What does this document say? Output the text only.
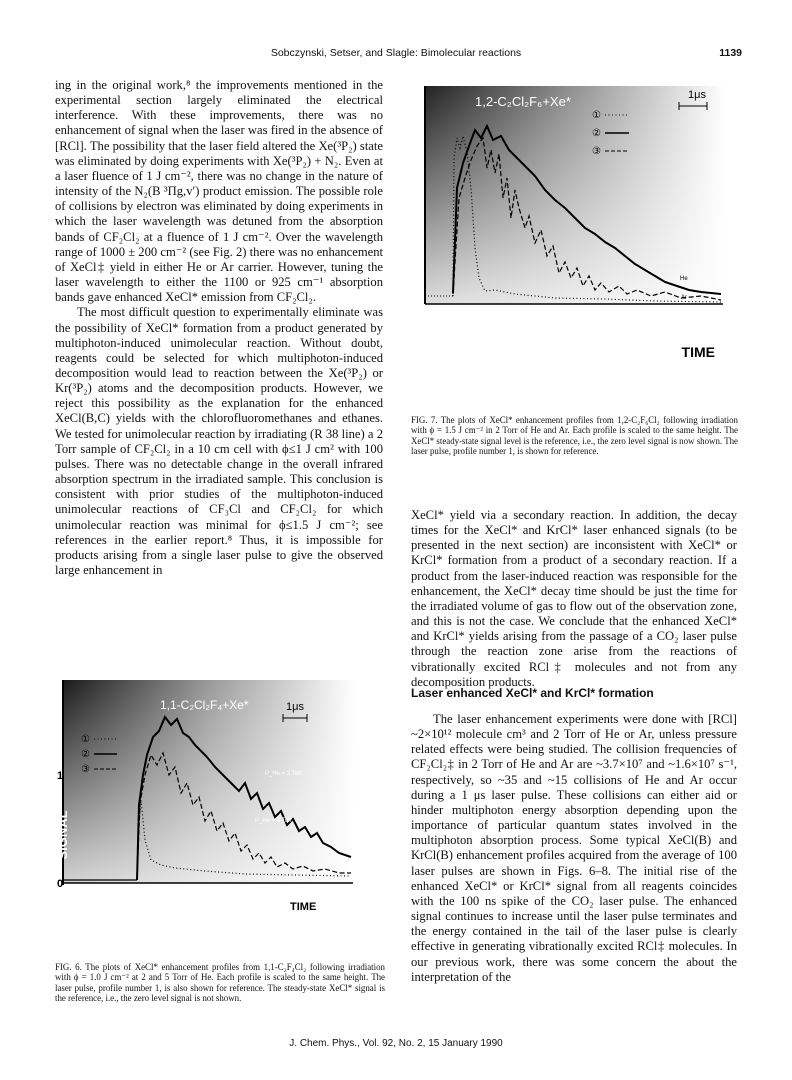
Sobczynski, Setser, and Slagle: Bimolecular reactions	1139

ing in the original work,⁸ the improvements mentioned in the experimental section largely eliminated the electrical interference. With these improvements, there was no enhancement of signal when the laser was fired in the absence of [RCl]. The possibility that the laser field altered the Xe(³P₂) state was eliminated by doing experiments with Xe(³P₂) + N₂. Even at a laser fluence of 1 J cm⁻², there was no change in the nature of intensity of the N₂(B ³Πg,v′) product emission. The possible role of collisions by electron was eliminated by doing experiments in which the laser wavelength was detuned from the absorption bands of CF₂Cl₂ at a fluence of 1 J cm⁻². Over the wavelength range of 1000 ± 200 cm⁻² (see Fig. 2) there was no enhancement of XeCl‡ yield in either He or Ar carrier. However, tuning the laser wavelength to either the 1100 or 925 cm⁻¹ absorption bands gave enhanced XeCl* emission from CF₂Cl₂.

The most difficult question to experimentally eliminate was the possibility of XeCl* formation from a product generated by multiphoton-induced unimolecular reaction. Without doubt, reagents could be selected for which multiphoton-induced decomposition would lead to reaction between the Xe(³P₂) or Kr(³P₂) atoms and the decomposition products. However, we reject this possibility as the explanation for the enhanced XeCl(B,C) yields with the chlorofluoromethanes and ethanes. We tested for unimolecular reaction by irradiating (R 38 line) a 2 Torr sample of CF₂Cl₂ in a 10 cm cell with ϕ≤1 J cm² with 100 pulses. There was no detectable change in the overall infrared absorption spectrum in the irradiated sample. This conclusion is consistent with prior studies of the multiphoton-induced unimolecular reactions of CF₃Cl and CF₂Cl₂ for which unimolecular reaction was minimal for ϕ≤1.5 J cm⁻²; see references in the earlier report.⁸ Thus, it is impossible for products arising from a single laser pulse to give the observed large enhancement in

SIGNAL
1,2-C₂Cl₂F₆+Xe*	1μs
①
②
③
He
Ar
TIME
FIG. 7. The plots of XeCl* enhancement profiles from 1,2-C₂F₆Cl₂ following irradiation with ϕ = 1.5 J cm⁻² in 2 Torr of He and Ar. Each profile is scaled to the same height. The XeCl* steady-state signal level is the reference, i.e., the zero level signal is now shown. The laser pulse, profile number 1, is shown for reference.

XeCl* yield via a secondary reaction. In addition, the decay times for the XeCl* and KrCl* laser enhanced signals (to be presented in the next section) are inconsistent with XeCl* or KrCl* formation from a product of a secondary reaction. If a product from the laser-induced reaction was responsible for the enhancement, the XeCl* decay time should be just the time for the irradiated volume of gas to flow out of the observation zone, and this is not the case. We conclude that the enhanced XeCl* and KrCl* yields arising from the passage of a CO₂ laser pulse through the reaction zone arise from the reactions of vibrationally excited RCl‡ molecules and not from any decomposition products.

Laser enhanced XeCl* and KrCl* formation

The laser enhancement experiments were done with [RCl] ~2×10¹² molecule cm³ and 2 Torr of He or Ar, unless pressure related effects were being studied. The collision frequencies of CF₂Cl₂‡ in 2 Torr of He and Ar are ~3.7×10⁷ and ~1.6×10⁷ s⁻¹, respectively, so ~35 and ~15 collisions of He and Ar occur during a 1 μs laser pulse. These collisions can either aid or hinder multiphoton energy absorption depending upon the importance of particular quantum states involved in the multiphoton absorption process. Some typical XeCl(B) and KrCl(B) enhancement profiles acquired from the average of 100 laser pulses are shown in Figs. 6–8. The initial rise of the enhanced XeCl* or KrCl* signal from all reagents coincides with the 100 ns spike of the CO₂ laser pulse. The enhanced signal continues to increase until the laser pulse terminates and the energy contained in the tail of the laser pulse is clearly effective in generating vibrationally excited RCl‡ molecules. In our previous work, there was some concern the about the interpretation of the

1
0
SIGNAL
1,1-C₂Cl₂F₄+Xe*	1μs
①
②
③	P_He = 2 Torr
P_He = 5 Torr
TIME
FIG. 6. The plots of XeCl* enhancement profiles from 1,1-C₂F₄Cl₂ following irradiation with ϕ = 1.0 J cm⁻² at 2 and 5 Torr of He. Each profile is scaled to the same height. The laser pulse, profile number 1, is also shown for reference. The steady-state XeCl* signal is the reference, i.e., the zero level signal is not shown.
J. Chem. Phys., Vol. 92, No. 2, 15 January 1990
